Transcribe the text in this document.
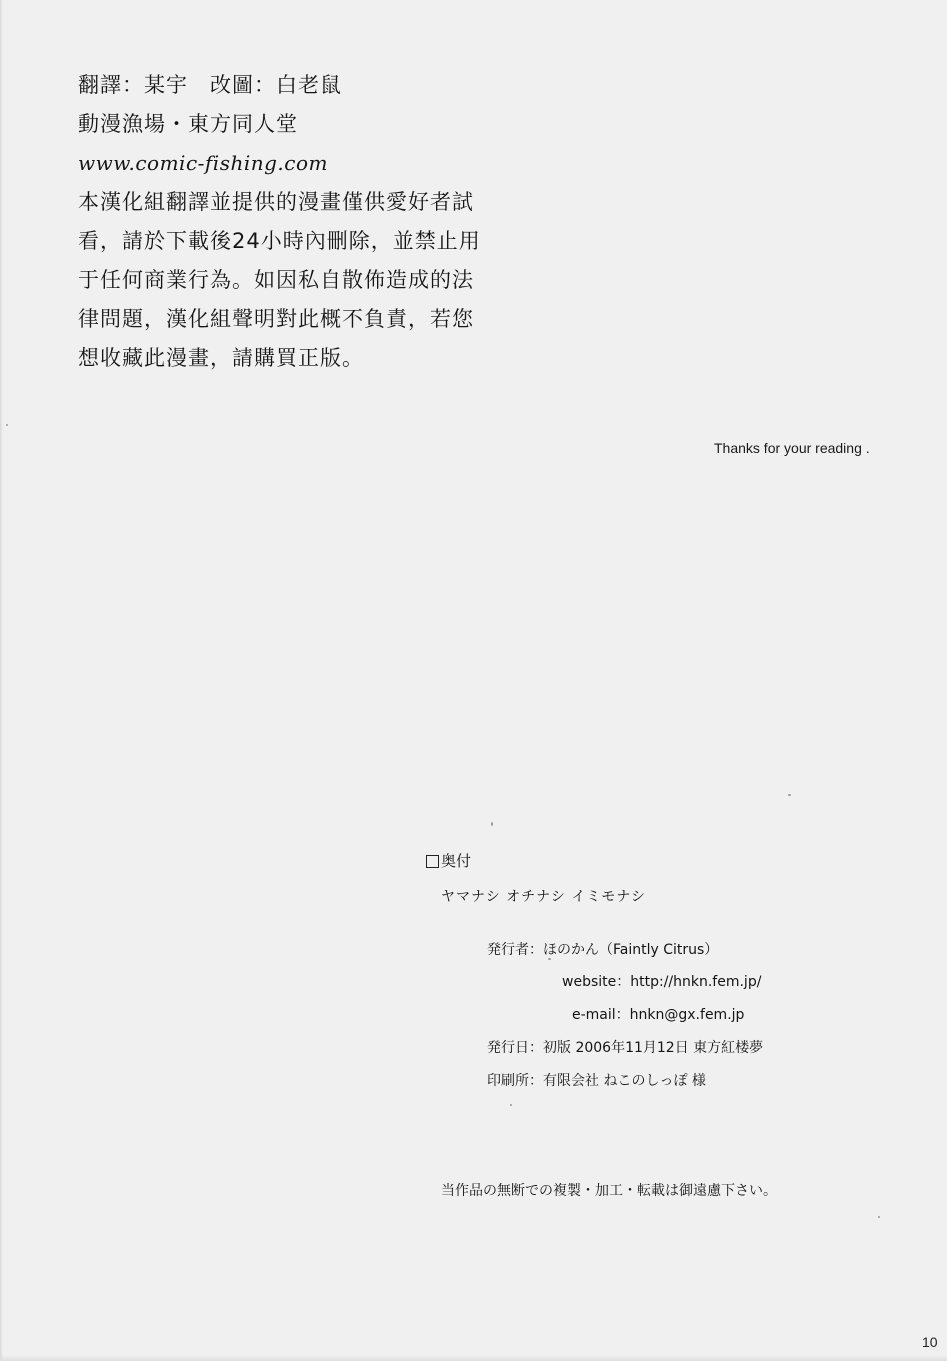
翻譯：某宇　改圖：白老鼠
動漫漁場・東方同人堂
www.comic-fishing.com
本漢化組翻譯並提供的漫畫僅供愛好者試
看，請於下載後24小時內刪除，並禁止用
于任何商業行為。如因私自散佈造成的法
律問題，漢化組聲明對此概不負責，若您
想收藏此漫畫，請購買正版。
Thanks for your reading .
奥付
ヤマナシ オチナシ イミモナシ
発行者：ほのかん（Faintly Citrus）
website：http://hnkn.fem.jp/
e-mail：hnkn@gx.fem.jp
発行日：初版 2006年11月12日 東方紅楼夢
印刷所：有限会社 ねこのしっぽ 様
当作品の無断での複製・加工・転載は御遠慮下さい。
10
